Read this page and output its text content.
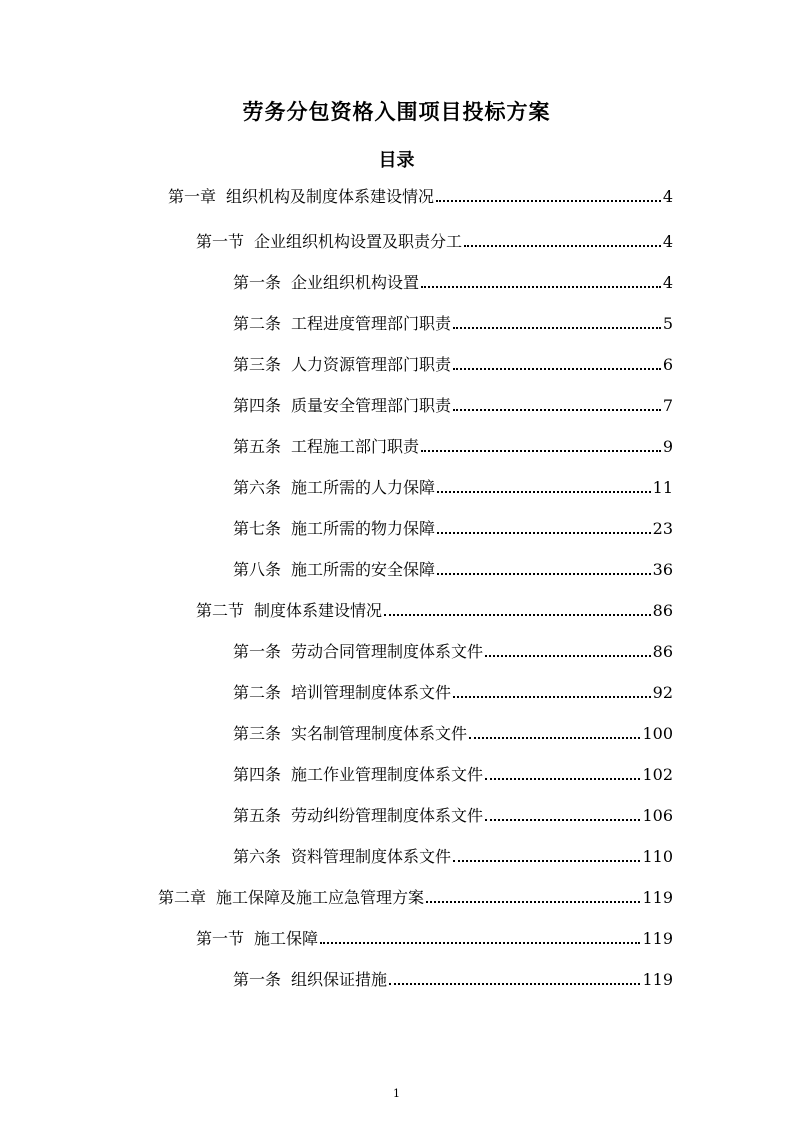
劳务分包资格入围项目投标方案
目录
第一章 组织机构及制度体系建设情况	4
第一节 企业组织机构设置及职责分工	4
第一条 企业组织机构设置	4
第二条 工程进度管理部门职责	5
第三条 人力资源管理部门职责	6
第四条 质量安全管理部门职责	7
第五条 工程施工部门职责	9
第六条 施工所需的人力保障	11
第七条 施工所需的物力保障	23
第八条 施工所需的安全保障	36
第二节 制度体系建设情况	86
第一条 劳动合同管理制度体系文件	86
第二条 培训管理制度体系文件	92
第三条 实名制管理制度体系文件	100
第四条 施工作业管理制度体系文件	102
第五条 劳动纠纷管理制度体系文件	106
第六条 资料管理制度体系文件	110
第二章 施工保障及施工应急管理方案	119
第一节 施工保障	119
第一条 组织保证措施	119
1
